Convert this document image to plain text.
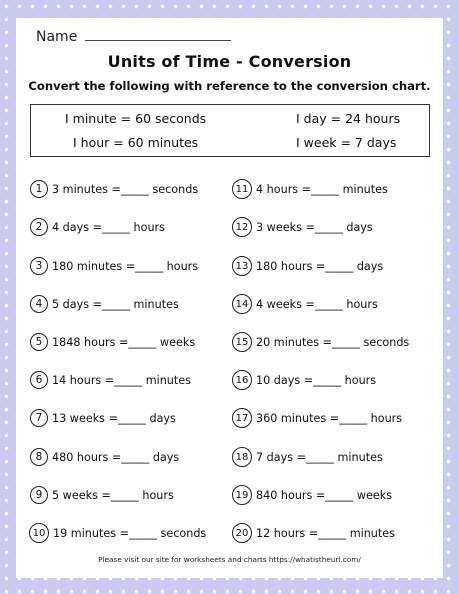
Name
Units of Time - Conversion
Convert the following with reference to the conversion chart.
I minute = 60 seconds	I day = 24 hours
I hour = 60 minutes	I week = 7 days
1 3 minutes =_____ seconds
2 4 days =_____ hours
3 180 minutes =_____ hours
4 5 days =_____ minutes
5 1848 hours =_____ weeks
6 14 hours =_____ minutes
7 13 weeks =_____ days
8 480 hours =_____ days
9 5 weeks =_____ hours
10 19 minutes =_____ seconds
11 4 hours =_____ minutes
12 3 weeks =_____ days
13 180 hours =_____ days
14 4 weeks =_____ hours
15 20 minutes =_____ seconds
16 10 days =_____ hours
17 360 minutes =_____ hours
18 7 days =_____ minutes
19 840 hours =_____ weeks
20 12 hours =_____ minutes
Please visit our site for worksheets and charts https://whatistheurl.com/
